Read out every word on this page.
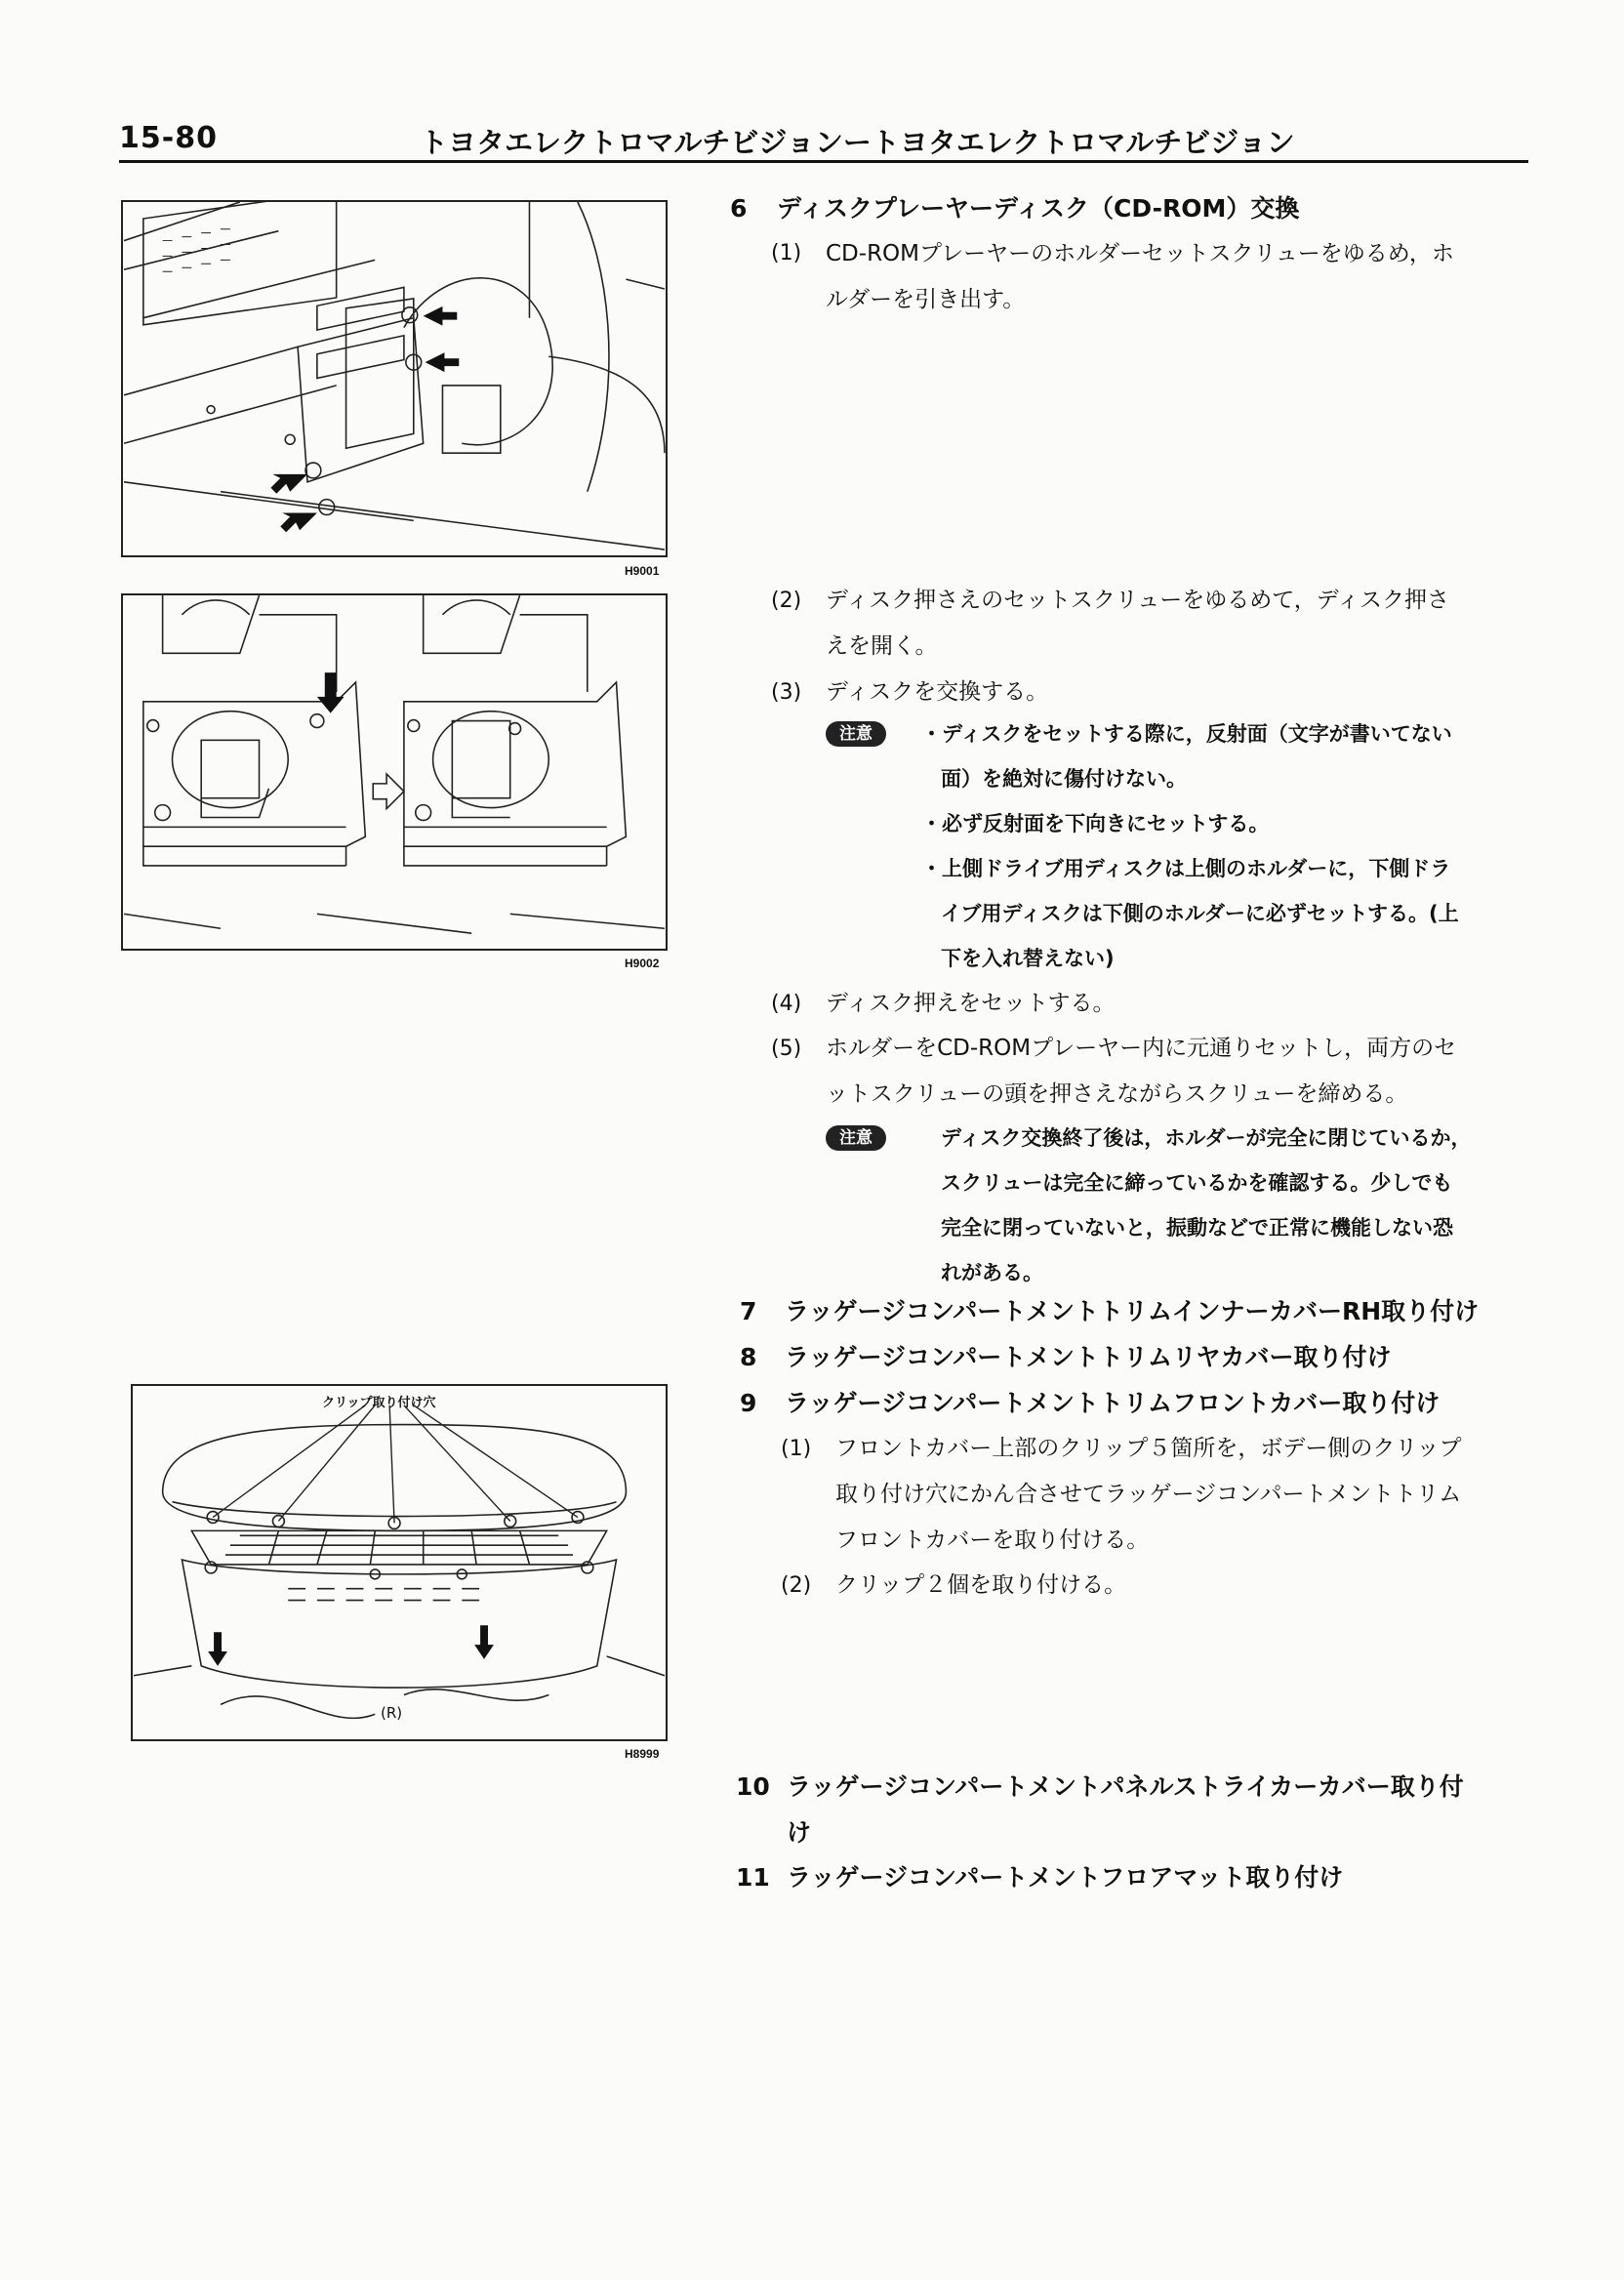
15-80	トヨタエレクトロマルチビジョンートヨタエレクトロマルチビジョン
H9001
H9002
クリップ取り付け穴
(R)
H8999
6 ディスクプレーヤーディスク（CD-ROM）交換
(1) CD-ROMプレーヤーのホルダーセットスクリューをゆるめ，ホ
ルダーを引き出す。
(2) ディスク押さえのセットスクリューをゆるめて，ディスク押さ
えを開く。
(3) ディスクを交換する。
注意	・ディスクをセットする際に，反射面（文字が書いてない
面）を絶対に傷付けない。
・必ず反射面を下向きにセットする。
・上側ドライブ用ディスクは上側のホルダーに，下側ドラ
イブ用ディスクは下側のホルダーに必ずセットする。(上
下を入れ替えない)
(4) ディスク押えをセットする。
(5) ホルダーをCD-ROMプレーヤー内に元通りセットし，両方のセ
ットスクリューの頭を押さえながらスクリューを締める。
注意	ディスク交換終了後は，ホルダーが完全に閉じているか，
スクリューは完全に締っているかを確認する。少しでも
完全に閉っていないと，振動などで正常に機能しない恐
れがある。
7 ラッゲージコンパートメントトリムインナーカバーRH取り付け
8 ラッゲージコンパートメントトリムリヤカバー取り付け
9 ラッゲージコンパートメントトリムフロントカバー取り付け
(1) フロントカバー上部のクリップ５箇所を，ボデー側のクリップ
取り付け穴にかん合させてラッゲージコンパートメントトリム
フロントカバーを取り付ける。
(2) クリップ２個を取り付ける。
10 ラッゲージコンパートメントパネルストライカーカバー取り付
け
11 ラッゲージコンパートメントフロアマット取り付け
